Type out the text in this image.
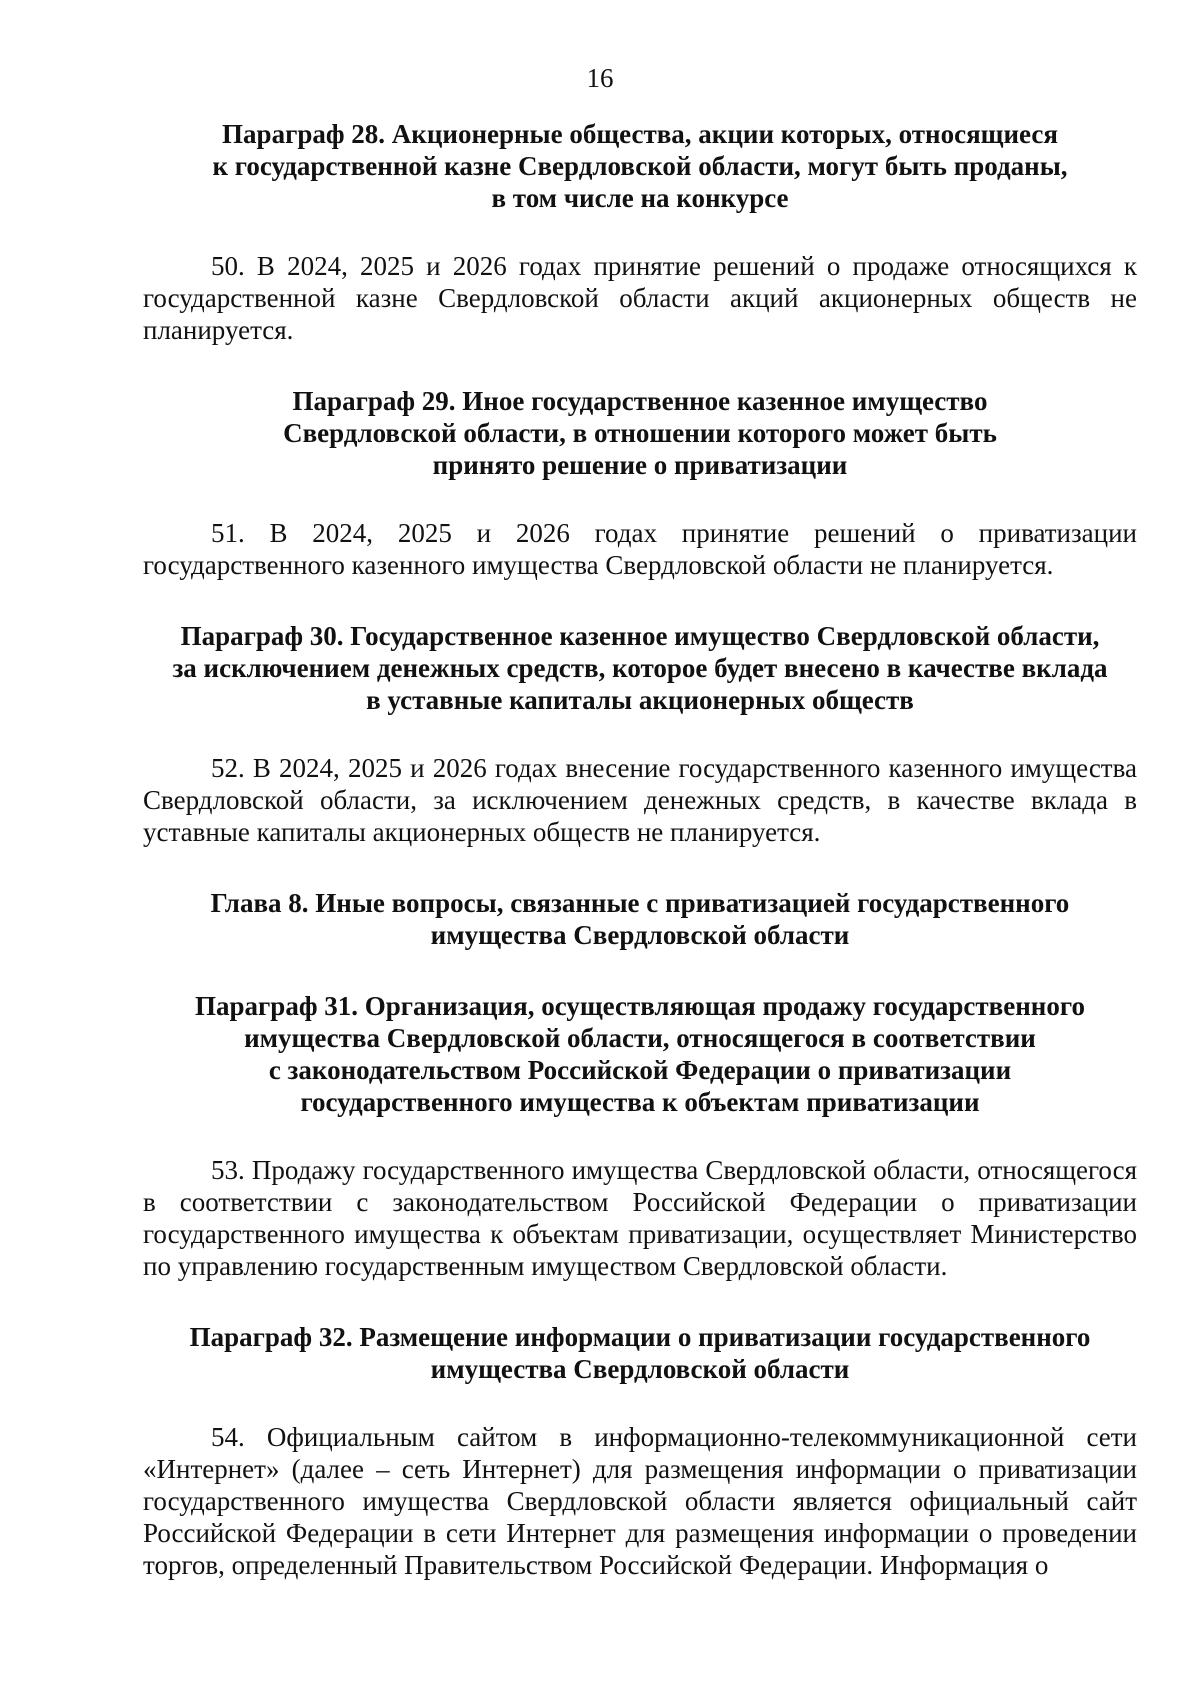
16
Параграф 28. Акционерные общества, акции которых, относящиеся
к государственной казне Свердловской области, могут быть проданы,
в том числе на конкурсе

50. В 2024, 2025 и 2026 годах принятие решений о продаже относящихся к государственной казне Свердловской области акций акционерных обществ не планируется.

Параграф 29. Иное государственное казенное имущество
Свердловской области, в отношении которого может быть
принято решение о приватизации

51. В 2024, 2025 и 2026 годах принятие решений о приватизации государственного казенного имущества Свердловской области не планируется.

Параграф 30. Государственное казенное имущество Свердловской области,
за исключением денежных средств, которое будет внесено в качестве вклада
в уставные капиталы акционерных обществ

52. В 2024, 2025 и 2026 годах внесение государственного казенного имущества Свердловской области, за исключением денежных средств, в качестве вклада в уставные капиталы акционерных обществ не планируется.

Глава 8. Иные вопросы, связанные с приватизацией государственного
имущества Свердловской области
Параграф 31. Организация, осуществляющая продажу государственного
имущества Свердловской области, относящегося в соответствии
с законодательством Российской Федерации о приватизации
государственного имущества к объектам приватизации

53. Продажу государственного имущества Свердловской области, относящегося в соответствии с законодательством Российской Федерации о приватизации государственного имущества к объектам приватизации, осуществляет Министерство по управлению государственным имуществом Свердловской области.

Параграф 32. Размещение информации о приватизации государственного
имущества Свердловской области

54. Официальным сайтом в информационно-телекоммуникационной сети «Интернет» (далее – сеть Интернет) для размещения информации о приватизации государственного имущества Свердловской области является официальный сайт Российской Федерации в сети Интернет для размещения информации о проведении торгов, определенный Правительством Российской Федерации. Информация о
